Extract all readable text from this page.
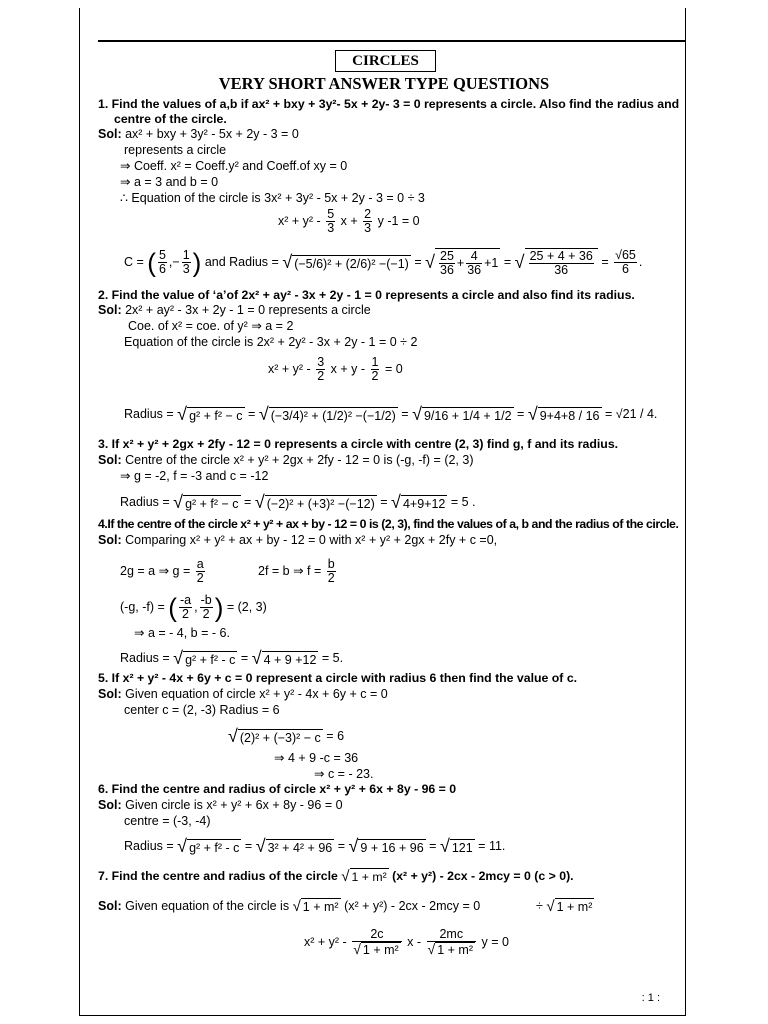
CIRCLES
VERY SHORT ANSWER TYPE QUESTIONS
1. Find the values of a,b if ax² + bxy + 3y²- 5x + 2y- 3 = 0 represents a circle. Also find the radius and
centre of the circle.
Sol: ax² + bxy + 3y² - 5x + 2y - 3 = 0
represents a circle
⇒ Coeff. x² = Coeff.y² and Coeff.of xy = 0
⇒ a = 3 and b = 0
∴ Equation of the circle is 3x² + 3y² - 5x + 2y - 3 = 0 ÷ 3
$x^2 + y^2 - \frac{5}{3}$ $x + \frac{2}{3}$ y -1 = 0
C = ( $\frac{5}{6}$ ,− $\frac{1}{3}$ ) and Radius = √ (−5/6)² + (2/6)² −(−1) = √ $\frac{25}{36} + \frac{4}{36} +1$ = √ $\frac{25 + 4 + 36}{36} = \frac{√65}{6}$ .
2. Find the value of ‘a’of 2x² + ay² - 3x + 2y - 1 = 0 represents a circle and also find its radius.
Sol: 2x² + ay² - 3x + 2y - 1 = 0 represents a circle
Coe. of x² = coe. of y² ⇒ a = 2
Equation of the circle is 2x² + 2y² - 3x + 2y - 1 = 0 ÷ 2
$x^2 + y^2 - \frac{3}{2}$ $x + y - \frac{1}{2} = 0$
Radius = √ g² + f² − c = √ (−3/4)² + (1/2)² −(−1/2) = √ 9/16 + 1/4 + 1/2 = √ 9+4+8 / 16 = √21 / 4.
3. If x² + y² + 2gx + 2fy - 12 = 0 represents a circle with centre (2, 3) find g, f and its radius.
Sol: Centre of the circle x² + y² + 2gx + 2fy - 12 = 0 is (-g, -f) = (2, 3)
⇒ g = -2, f = -3 and c = -12
Radius = √ g² + f² − c = √ (−2)² + (+3)² −(−12) = √ 4+9+12 = 5 .
4.If the centre of the circle x² + y² + ax + by - 12 = 0 is (2, 3), find the values of a, b and the radius of the circle.
Sol: Comparing x² + y² + ax + by - 12 = 0 with x² + y² + 2gx + 2fy + c =0,
2g = a ⇒ $g = \frac{a}{2}$	2f = b ⇒ $f = \frac{b}{2}$
(-g, -f) = ( $\frac{-a}{2}$ , $\frac{-b}{2}$ ) = (2, 3)
⇒ a = - 4, b = - 6.
Radius = √ g² + f² - c = √ 4 + 9 +12 = 5.
5. If x² + y² - 4x + 6y + c = 0 represent a circle with radius 6 then find the value of c.
Sol: Given equation of circle x² + y² - 4x + 6y + c = 0
center c = (2, -3) Radius = 6
√ (2)² + (−3)² − c = 6
⇒ 4 + 9 -c = 36
⇒ c = - 23.
6. Find the centre and radius of circle x² + y² + 6x + 8y - 96 = 0
Sol: Given circle is x² + y² + 6x + 8y - 96 = 0
centre = (-3, -4)
Radius = √ g² + f² - c = √ 3² + 4² + 96 = √ 9 + 16 + 96 = √ 121 = 11.
7. Find the centre and radius of the circle √ 1 + m² (x² + y²) - 2cx - 2mcy = 0 (c > 0).
Sol: Given equation of the circle is √ 1 + m² (x² + y²) - 2cx - 2mcy = 0	÷ √ 1 + m²
$x^2 + y^2 - \frac{2c}{\text{√ 1 + m²}}$ x - $\frac{2mc}{\text{√ 1 + m²}}$ y = 0
: 1 :
